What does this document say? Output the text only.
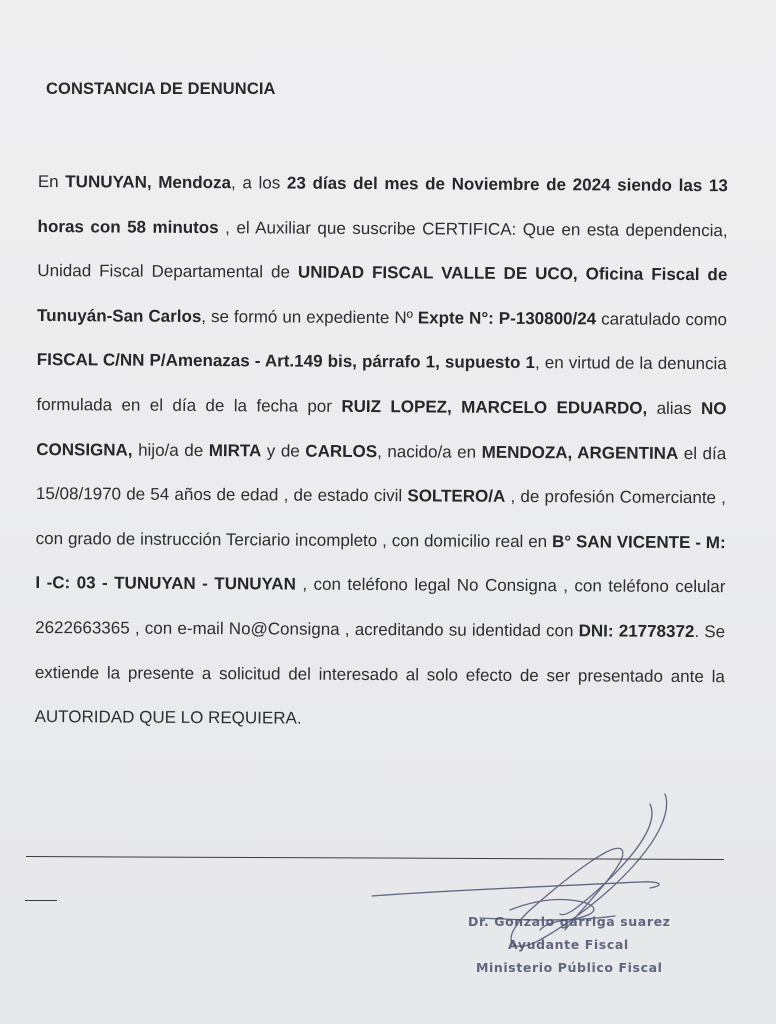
CONSTANCIA DE DENUNCIA

En TUNUYAN, Mendoza, a los 23 días del mes de Noviembre de 2024 siendo las 13 horas con 58 minutos , el Auxiliar que suscribe CERTIFICA: Que en esta dependencia, Unidad Fiscal Departamental de UNIDAD FISCAL VALLE DE UCO, Oficina Fiscal de Tunuyán-San Carlos, se formó un expediente Nº Expte N°: P-130800/24 caratulado como FISCAL C/NN P/Amenazas - Art.149 bis, párrafo 1, supuesto 1, en virtud de la denuncia formulada en el día de la fecha por RUIZ LOPEZ, MARCELO EDUARDO, alias NO CONSIGNA, hijo/a de MIRTA y de CARLOS, nacido/a en MENDOZA, ARGENTINA el día 15/08/1970 de 54 años de edad , de estado civil SOLTERO/A , de profesión Comerciante , con grado de instrucción Terciario incompleto , con domicilio real en B° SAN VICENTE - M: I -C: 03 - TUNUYAN - TUNUYAN , con teléfono legal No Consigna , con teléfono celular 2622663365 , con e-mail No@Consigna , acreditando su identidad con DNI: 21778372. Se extiende la presente a solicitud del interesado al solo efecto de ser presentado ante la AUTORIDAD QUE LO REQUIERA.

Dr. Gonzalo garriga suarez
Ayudante Fiscal
Ministerio Público Fiscal
